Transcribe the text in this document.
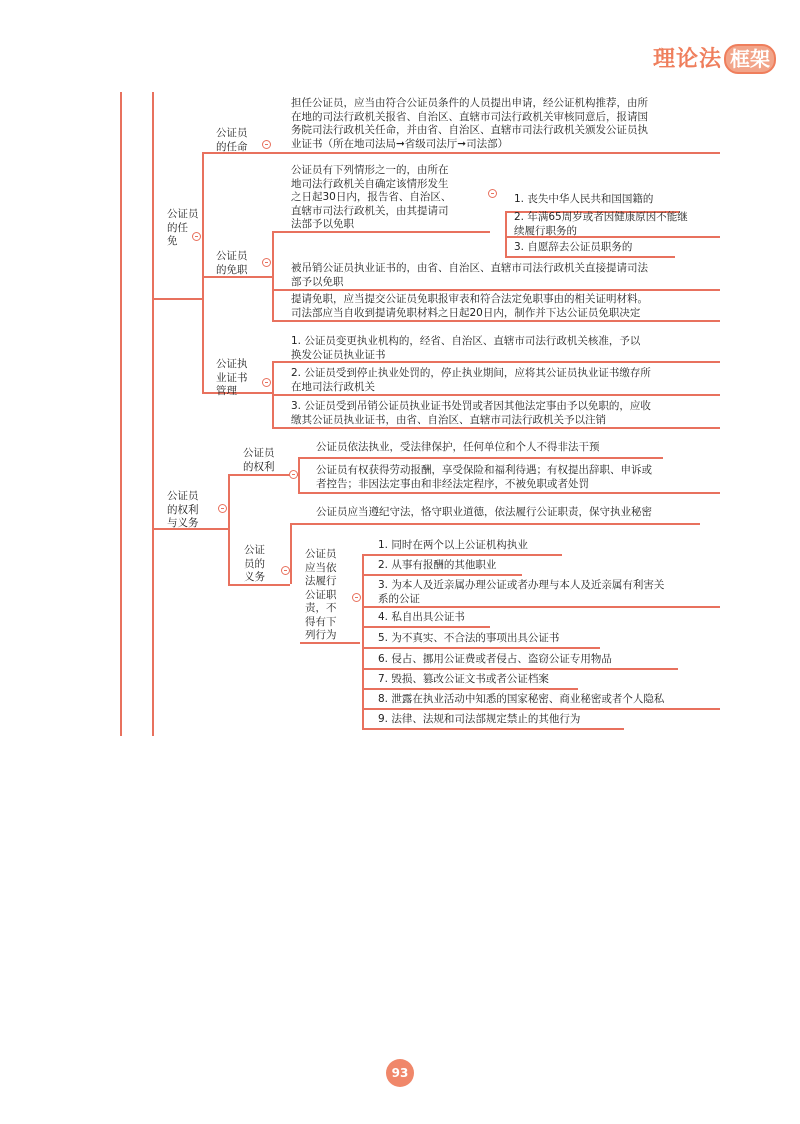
理论法 框架
公证员
的任
免
公证员
的任命
担任公证员，应当由符合公证员条件的人员提出申请，经公证机构推荐，由所
在地的司法行政机关报省、自治区、直辖市司法行政机关审核同意后，报请国
务院司法行政机关任命，并由省、自治区、直辖市司法行政机关颁发公证员执
业证书（所在地司法局➞省级司法厅➞司法部）
公证员
的免职
公证员有下列情形之一的，由所在
地司法行政机关自确定该情形发生
之日起30日内，报告省、自治区、
直辖市司法行政机关，由其提请司
法部予以免职
1. 丧失中华人民共和国国籍的
2. 年满65周岁或者因健康原因不能继
续履行职务的
3. 自愿辞去公证员职务的
被吊销公证员执业证书的，由省、自治区、直辖市司法行政机关直接提请司法
部予以免职
提请免职，应当提交公证员免职报审表和符合法定免职事由的相关证明材料。
司法部应当自收到提请免职材料之日起20日内，制作并下达公证员免职决定
公证执
业证书
管理
1. 公证员变更执业机构的，经省、自治区、直辖市司法行政机关核准，予以
换发公证员执业证书
2. 公证员受到停止执业处罚的，停止执业期间，应将其公证员执业证书缴存所
在地司法行政机关
3. 公证员受到吊销公证员执业证书处罚或者因其他法定事由予以免职的，应收
缴其公证员执业证书，由省、自治区、直辖市司法行政机关予以注销
公证员
的权利
与义务
公证员
的权利
公证员依法执业，受法律保护，任何单位和个人不得非法干预
公证员有权获得劳动报酬，享受保险和福利待遇；有权提出辞职、申诉或
者控告；非因法定事由和非经法定程序，不被免职或者处罚
公证员应当遵纪守法，恪守职业道德，依法履行公证职责，保守执业秘密
公证
员的
义务
公证员
应当依
法履行
公证职
责，不
得有下
列行为
1. 同时在两个以上公证机构执业
2. 从事有报酬的其他职业
3. 为本人及近亲属办理公证或者办理与本人及近亲属有利害关
系的公证
4. 私自出具公证书
5. 为不真实、不合法的事项出具公证书
6. 侵占、挪用公证费或者侵占、盗窃公证专用物品
7. 毁损、篡改公证文书或者公证档案
8. 泄露在执业活动中知悉的国家秘密、商业秘密或者个人隐私
9. 法律、法规和司法部规定禁止的其他行为
93
